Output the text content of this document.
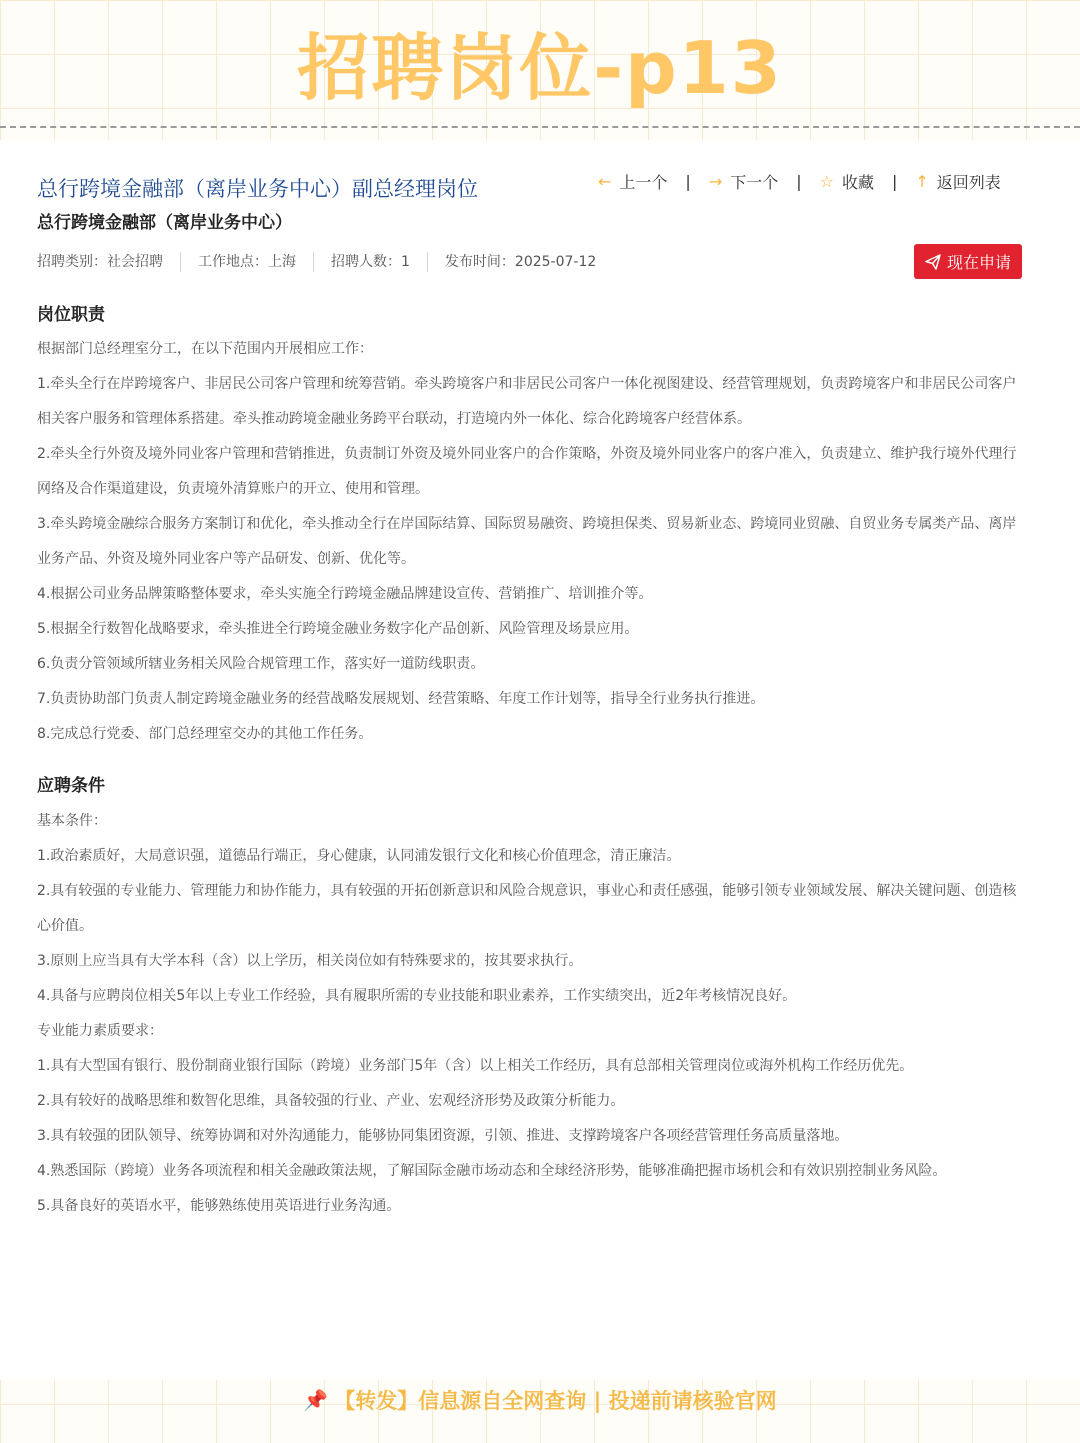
招聘岗位-p13
总行跨境金融部（离岸业务中心）副总经理岗位
总行跨境金融部（离岸业务中心）
← 上一个 | → 下一个 | ☆ 收藏 | ↑ 返回列表
招聘类别：社会招聘	工作地点：上海	招聘人数：1	发布时间：2025-07-12	现在申请
岗位职责
根据部门总经理室分工，在以下范围内开展相应工作：
1.牵头全行在岸跨境客户、非居民公司客户管理和统筹营销。牵头跨境客户和非居民公司客户一体化视图建设、经营管理规划，负责跨境客户和非居民公司客户
相关客户服务和管理体系搭建。牵头推动跨境金融业务跨平台联动，打造境内外一体化、综合化跨境客户经营体系。
2.牵头全行外资及境外同业客户管理和营销推进，负责制订外资及境外同业客户的合作策略，外资及境外同业客户的客户准入，负责建立、维护我行境外代理行
网络及合作渠道建设，负责境外清算账户的开立、使用和管理。
3.牵头跨境金融综合服务方案制订和优化，牵头推动全行在岸国际结算、国际贸易融资、跨境担保类、贸易新业态、跨境同业贸融、自贸业务专属类产品、离岸
业务产品、外资及境外同业客户等产品研发、创新、优化等。
4.根据公司业务品牌策略整体要求，牵头实施全行跨境金融品牌建设宣传、营销推广、培训推介等。
5.根据全行数智化战略要求，牵头推进全行跨境金融业务数字化产品创新、风险管理及场景应用。
6.负责分管领域所辖业务相关风险合规管理工作，落实好一道防线职责。
7.负责协助部门负责人制定跨境金融业务的经营战略发展规划、经营策略、年度工作计划等，指导全行业务执行推进。
8.完成总行党委、部门总经理室交办的其他工作任务。
应聘条件
基本条件：
1.政治素质好，大局意识强，道德品行端正，身心健康，认同浦发银行文化和核心价值理念，清正廉洁。
2.具有较强的专业能力、管理能力和协作能力，具有较强的开拓创新意识和风险合规意识，事业心和责任感强，能够引领专业领域发展、解决关键问题、创造核
心价值。
3.原则上应当具有大学本科（含）以上学历，相关岗位如有特殊要求的，按其要求执行。
4.具备与应聘岗位相关5年以上专业工作经验，具有履职所需的专业技能和职业素养，工作实绩突出，近2年考核情况良好。
专业能力素质要求：
1.具有大型国有银行、股份制商业银行国际（跨境）业务部门5年（含）以上相关工作经历，具有总部相关管理岗位或海外机构工作经历优先。
2.具有较好的战略思维和数智化思维，具备较强的行业、产业、宏观经济形势及政策分析能力。
3.具有较强的团队领导、统筹协调和对外沟通能力，能够协同集团资源，引领、推进、支撑跨境客户各项经营管理任务高质量落地。
4.熟悉国际（跨境）业务各项流程和相关金融政策法规，了解国际金融市场动态和全球经济形势，能够准确把握市场机会和有效识别控制业务风险。
5.具备良好的英语水平，能够熟练使用英语进行业务沟通。
📌 【转发】信息源自全网查询 | 投递前请核验官网
